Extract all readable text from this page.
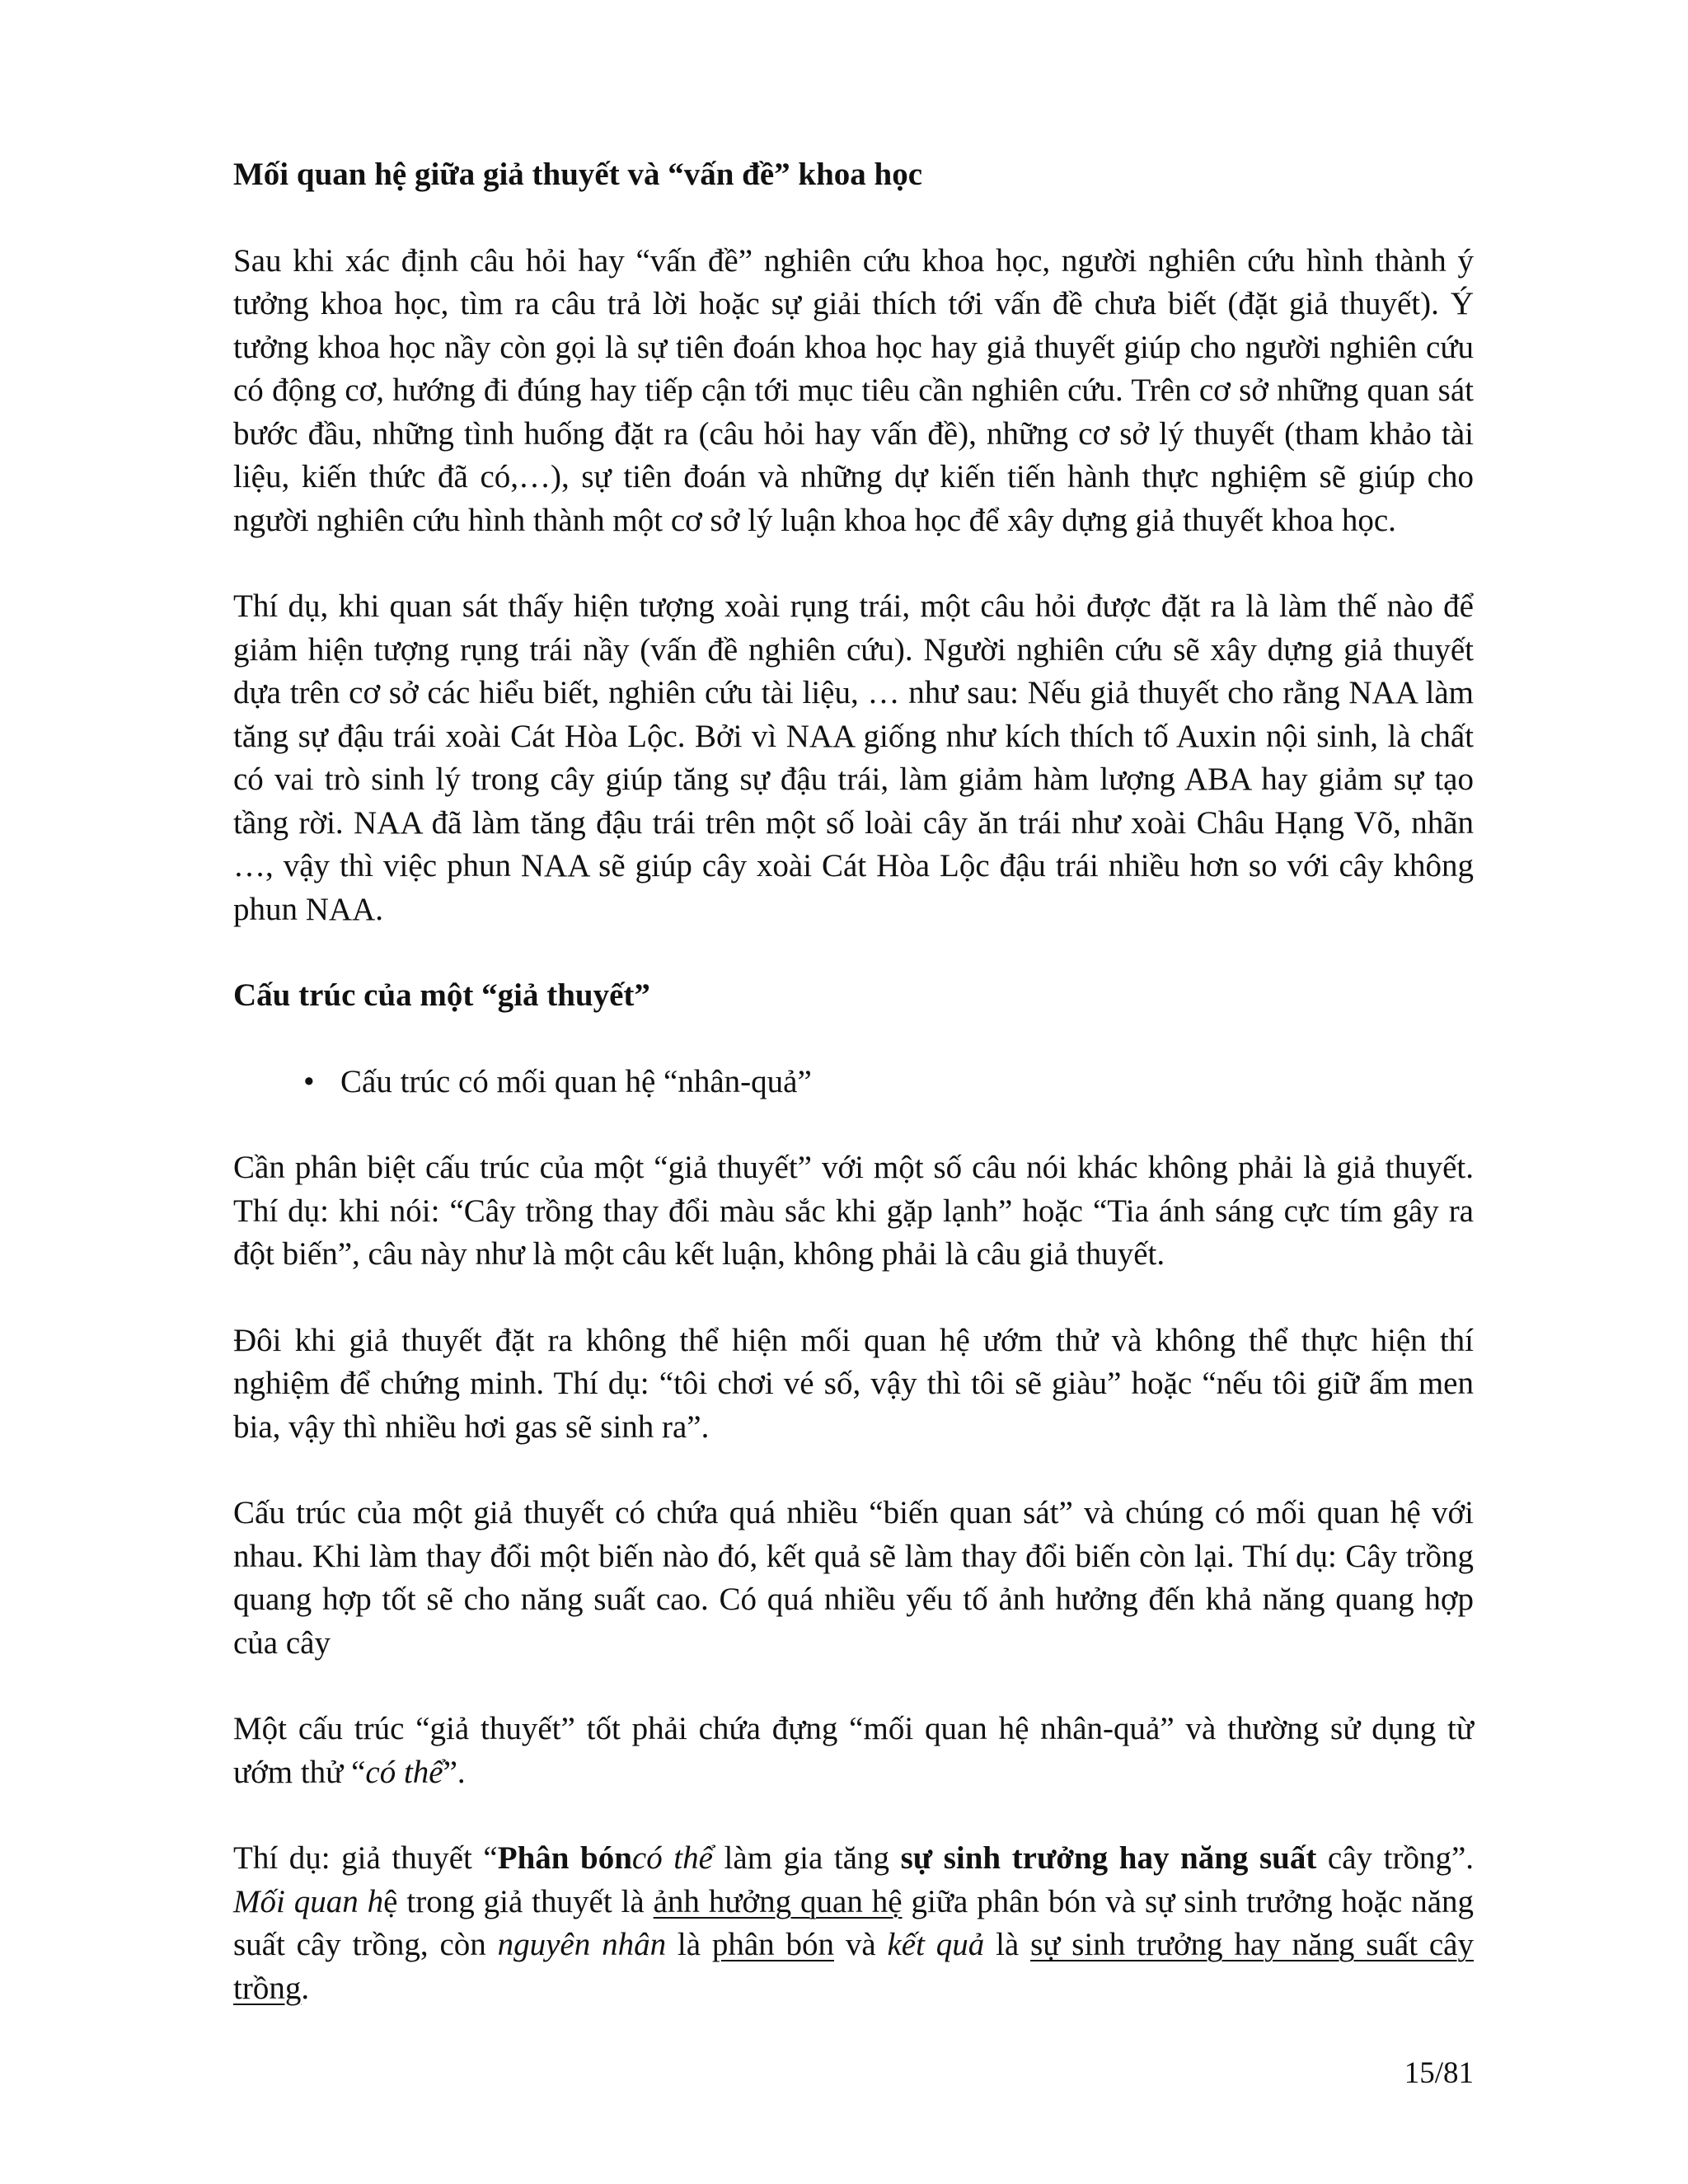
Mối quan hệ giữa giả thuyết và “vấn đề” khoa học

Sau khi xác định câu hỏi hay “vấn đề” nghiên cứu khoa học, người nghiên cứu hình thành ý tưởng khoa học, tìm ra câu trả lời hoặc sự giải thích tới vấn đề chưa biết (đặt giả thuyết). Ý tưởng khoa học nầy còn gọi là sự tiên đoán khoa học hay giả thuyết giúp cho người nghiên cứu có động cơ, hướng đi đúng hay tiếp cận tới mục tiêu cần nghiên cứu. Trên cơ sở những quan sát bước đầu, những tình huống đặt ra (câu hỏi hay vấn đề), những cơ sở lý thuyết (tham khảo tài liệu, kiến thức đã có,…), sự tiên đoán và những dự kiến tiến hành thực nghiệm sẽ giúp cho người nghiên cứu hình thành một cơ sở lý luận khoa học để xây dựng giả thuyết khoa học.

Thí dụ, khi quan sát thấy hiện tượng xoài rụng trái, một câu hỏi được đặt ra là làm thế nào để giảm hiện tượng rụng trái nầy (vấn đề nghiên cứu). Người nghiên cứu sẽ xây dựng giả thuyết dựa trên cơ sở các hiểu biết, nghiên cứu tài liệu, … như sau: Nếu giả thuyết cho rằng NAA làm tăng sự đậu trái xoài Cát Hòa Lộc. Bởi vì NAA giống như kích thích tố Auxin nội sinh, là chất có vai trò sinh lý trong cây giúp tăng sự đậu trái, làm giảm hàm lượng ABA hay giảm sự tạo tầng rời. NAA đã làm tăng đậu trái trên một số loài cây ăn trái như xoài Châu Hạng Võ, nhãn …, vậy thì việc phun NAA sẽ giúp cây xoài Cát Hòa Lộc đậu trái nhiều hơn so với cây không phun NAA.

Cấu trúc của một “giả thuyết”

• Cấu trúc có mối quan hệ “nhân-quả”

Cần phân biệt cấu trúc của một “giả thuyết” với một số câu nói khác không phải là giả thuyết. Thí dụ: khi nói: “Cây trồng thay đổi màu sắc khi gặp lạnh” hoặc “Tia ánh sáng cực tím gây ra đột biến”, câu này như là một câu kết luận, không phải là câu giả thuyết.

Đôi khi giả thuyết đặt ra không thể hiện mối quan hệ ướm thử và không thể thực hiện thí nghiệm để chứng minh. Thí dụ: “tôi chơi vé số, vậy thì tôi sẽ giàu” hoặc “nếu tôi giữ ấm men bia, vậy thì nhiều hơi gas sẽ sinh ra”.

Cấu trúc của một giả thuyết có chứa quá nhiều “biến quan sát” và chúng có mối quan hệ với nhau. Khi làm thay đổi một biến nào đó, kết quả sẽ làm thay đổi biến còn lại. Thí dụ: Cây trồng quang hợp tốt sẽ cho năng suất cao. Có quá nhiều yếu tố ảnh hưởng đến khả năng quang hợp của cây

Một cấu trúc “giả thuyết” tốt phải chứa đựng “mối quan hệ nhân-quả” và thường sử dụng từ ướm thử “có thể”.

Thí dụ: giả thuyết “Phân bóncó thể làm gia tăng sự sinh trưởng hay năng suất cây trồng”. Mối quan hệ trong giả thuyết là ảnh hưởng quan hệ giữa phân bón và sự sinh trưởng hoặc năng suất cây trồng, còn nguyên nhân là phân bón và kết quả là sự sinh trưởng hay năng suất cây trồng.

15/81
